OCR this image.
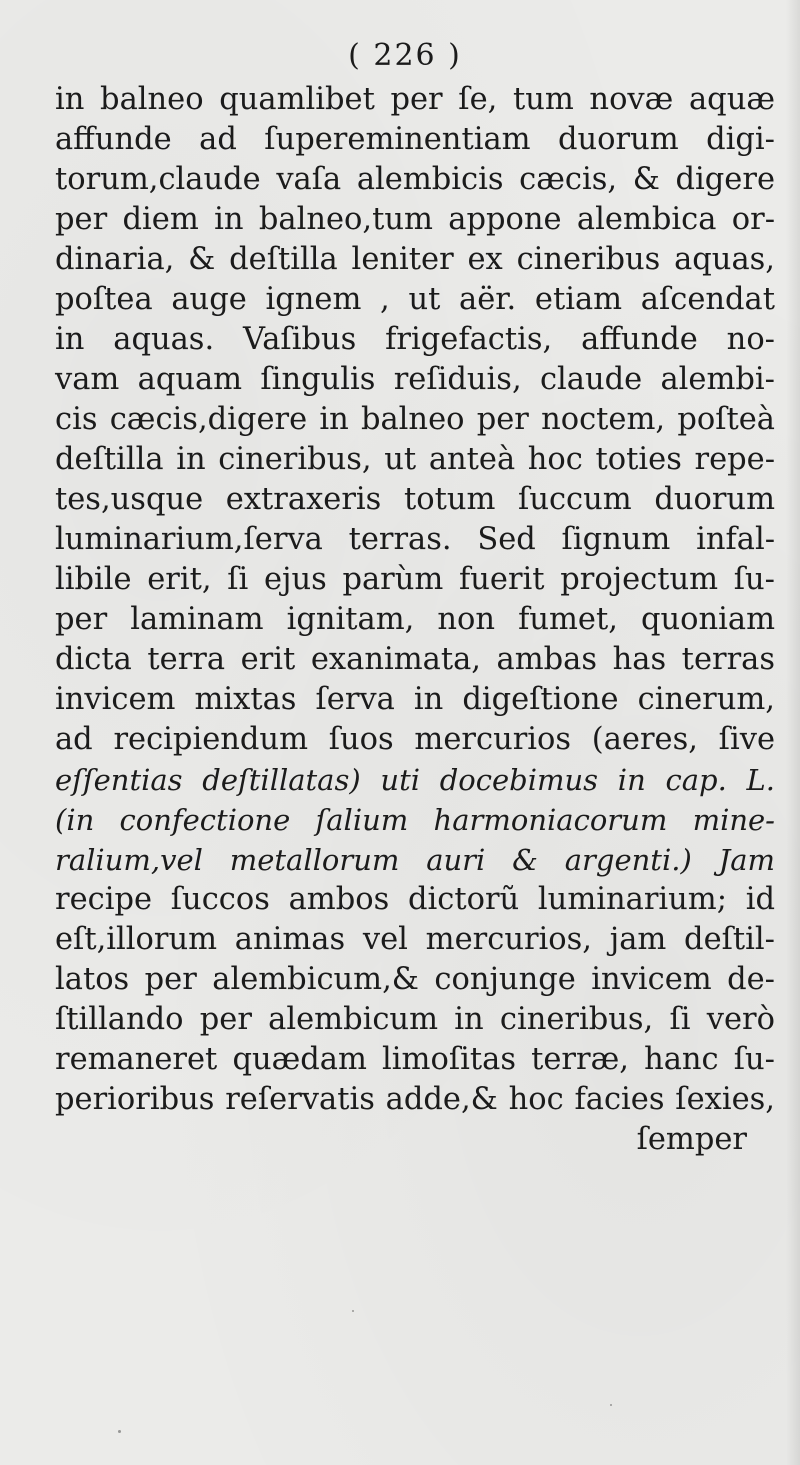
( 226 )
in balneo quamlibet per ſe, tum novæ aquæ
affunde ad ſupereminentiam duorum digi-
torum,claude vaſa alembicis cæcis, & digere
per diem in balneo,tum appone alembica or-
dinaria, & deſtilla leniter ex cineribus aquas,
poſtea auge ignem , ut aër. etiam aſcendat
in aquas. Vaſibus frigefactis, affunde no-
vam aquam ſingulis reſiduis, claude alembi-
cis cæcis,digere in balneo per noctem, poſteà
deſtilla in cineribus, ut anteà hoc toties repe-
tes,usque extraxeris totum ſuccum duorum
luminarium,ſerva terras. Sed ſignum infal-
libile erit, ſi ejus parùm fuerit projectum ſu-
per laminam ignitam, non fumet, quoniam
dicta terra erit exanimata, ambas has terras
invicem mixtas ſerva in digeſtione cinerum,
ad recipiendum ſuos mercurios (aeres, ſive
eſſentias deſtillatas) uti docebimus in cap. L.
(in confectione ſalium harmoniacorum mine-
ralium,vel metallorum auri & argenti.) Jam
recipe ſuccos ambos dictorũ luminarium; id
eſt,illorum animas vel mercurios, jam deſtil-
latos per alembicum,& conjunge invicem de-
ſtillando per alembicum in cineribus, ſi verò
remaneret quædam limoſitas terræ, hanc ſu-
perioribus reſervatis adde,& hoc facies ſexies,
ſemper
